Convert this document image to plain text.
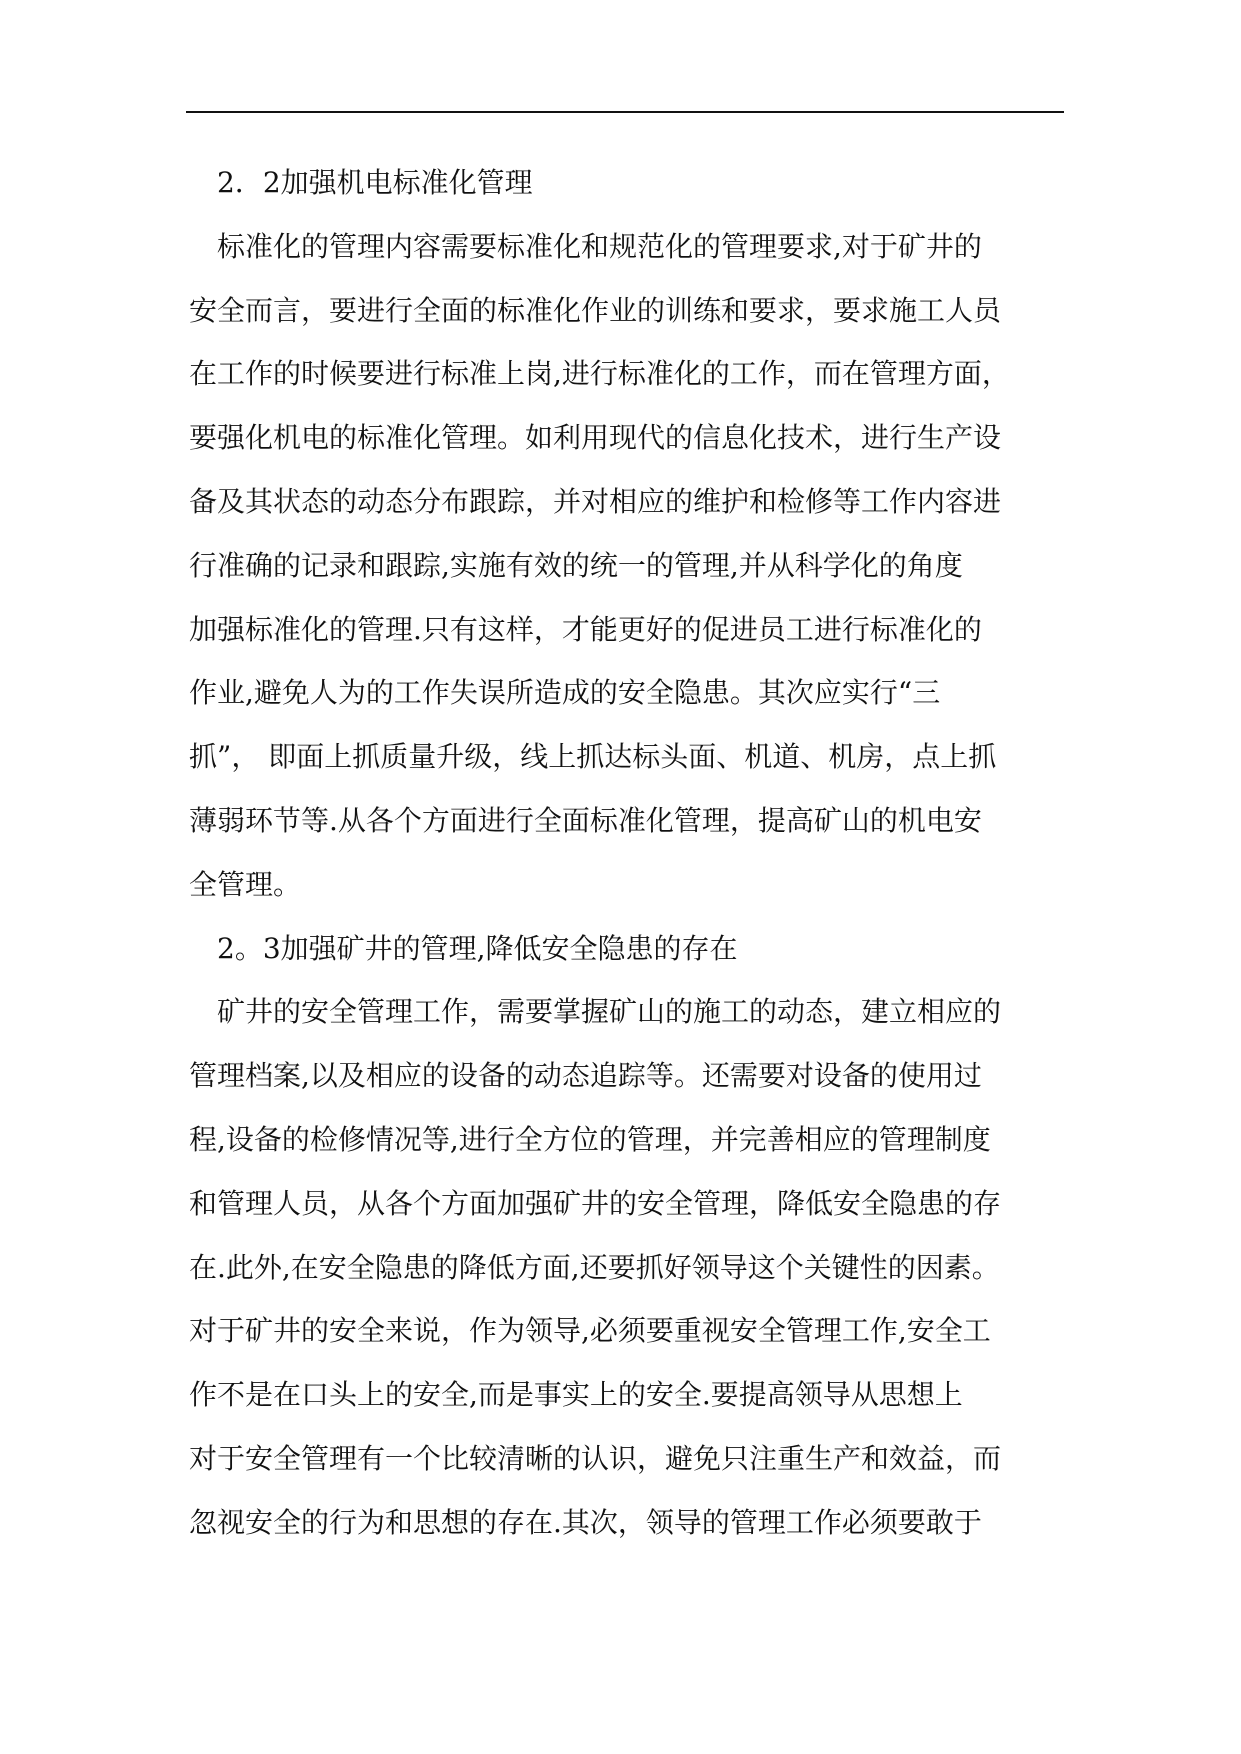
2．2加强机电标准化管理
标准化的管理内容需要标准化和规范化的管理要求,对于矿井的
安全而言，要进行全面的标准化作业的训练和要求，要求施工人员
在工作的时候要进行标准上岗,进行标准化的工作，而在管理方面，
要强化机电的标准化管理。如利用现代的信息化技术，进行生产设
备及其状态的动态分布跟踪，并对相应的维护和检修等工作内容进
行准确的记录和跟踪,实施有效的统一的管理,并从科学化的角度
加强标准化的管理.只有这样，才能更好的促进员工进行标准化的
作业,避免人为的工作失误所造成的安全隐患。其次应实行“三
抓”， 即面上抓质量升级，线上抓达标头面、机道、机房，点上抓
薄弱环节等.从各个方面进行全面标准化管理，提高矿山的机电安
全管理。
2。3加强矿井的管理,降低安全隐患的存在
矿井的安全管理工作，需要掌握矿山的施工的动态，建立相应的
管理档案,以及相应的设备的动态追踪等。还需要对设备的使用过
程,设备的检修情况等,进行全方位的管理，并完善相应的管理制度
和管理人员，从各个方面加强矿井的安全管理，降低安全隐患的存
在.此外,在安全隐患的降低方面,还要抓好领导这个关键性的因素。
对于矿井的安全来说，作为领导,必须要重视安全管理工作,安全工
作不是在口头上的安全,而是事实上的安全.要提高领导从思想上
对于安全管理有一个比较清晰的认识，避免只注重生产和效益，而
忽视安全的行为和思想的存在.其次，领导的管理工作必须要敢于
